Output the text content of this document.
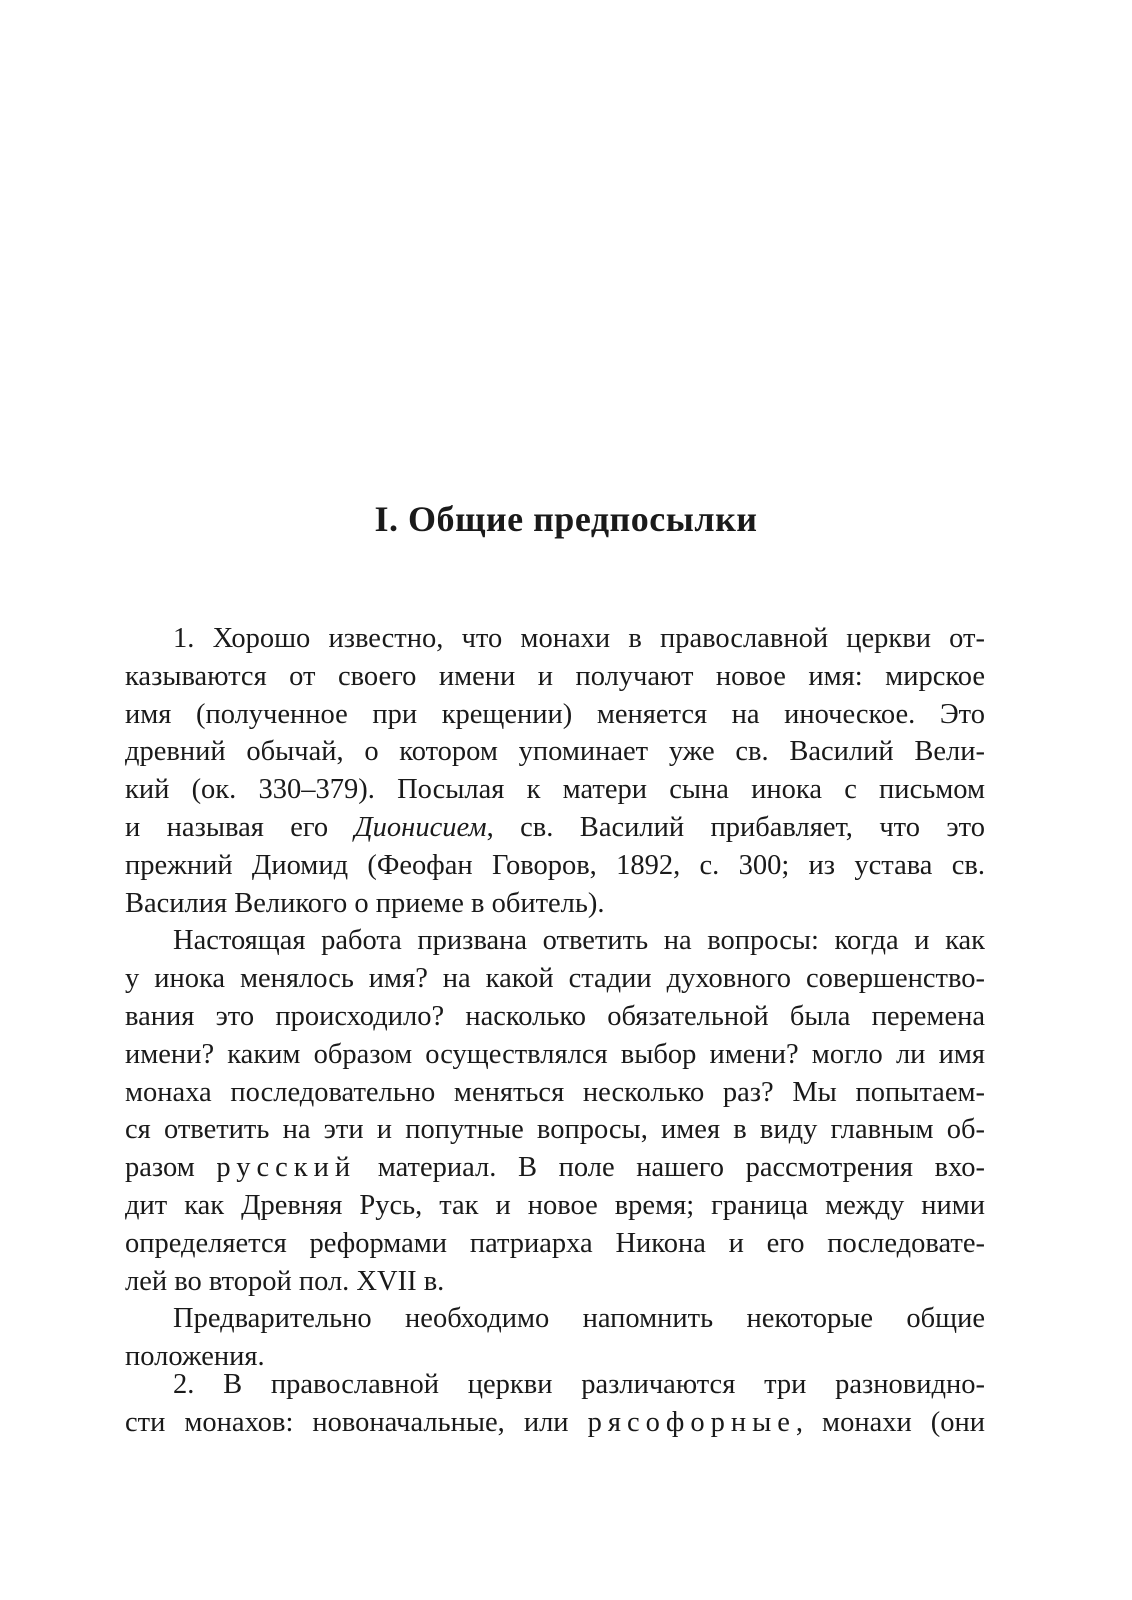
I. Общие предпосылки
1. Хорошо известно, что монахи в православной церкви от-
казываются от своего имени и получают новое имя: мирское
имя (полученное при крещении) меняется на иноческое. Это
древний обычай, о котором упоминает уже св. Василий Вели-
кий (ок. 330–379). Посылая к матери сына инока с письмом
и называя его Дионисием, св. Василий прибавляет, что это
прежний Диомид (Феофан Говоров, 1892, с. 300; из устава св.
Василия Великого о приеме в обитель).
Настоящая работа призвана ответить на вопросы: когда и как
у инока менялось имя? на какой стадии духовного совершенство-
вания это происходило? насколько обязательной была перемена
имени? каким образом осуществлялся выбор имени? могло ли имя
монаха последовательно меняться несколько раз? Мы попытаем-
ся ответить на эти и попутные вопросы, имея в виду главным об-
разом русский материал. В поле нашего рассмотрения вхо-
дит как Древняя Русь, так и новое время; граница между ними
определяется реформами патриарха Никона и его последовате-
лей во второй пол. XVII в.
Предварительно необходимо напомнить некоторые общие
положения.
2. В православной церкви различаются три разновидно-
сти монахов: новоначальные, или рясофорные, монахи (они
